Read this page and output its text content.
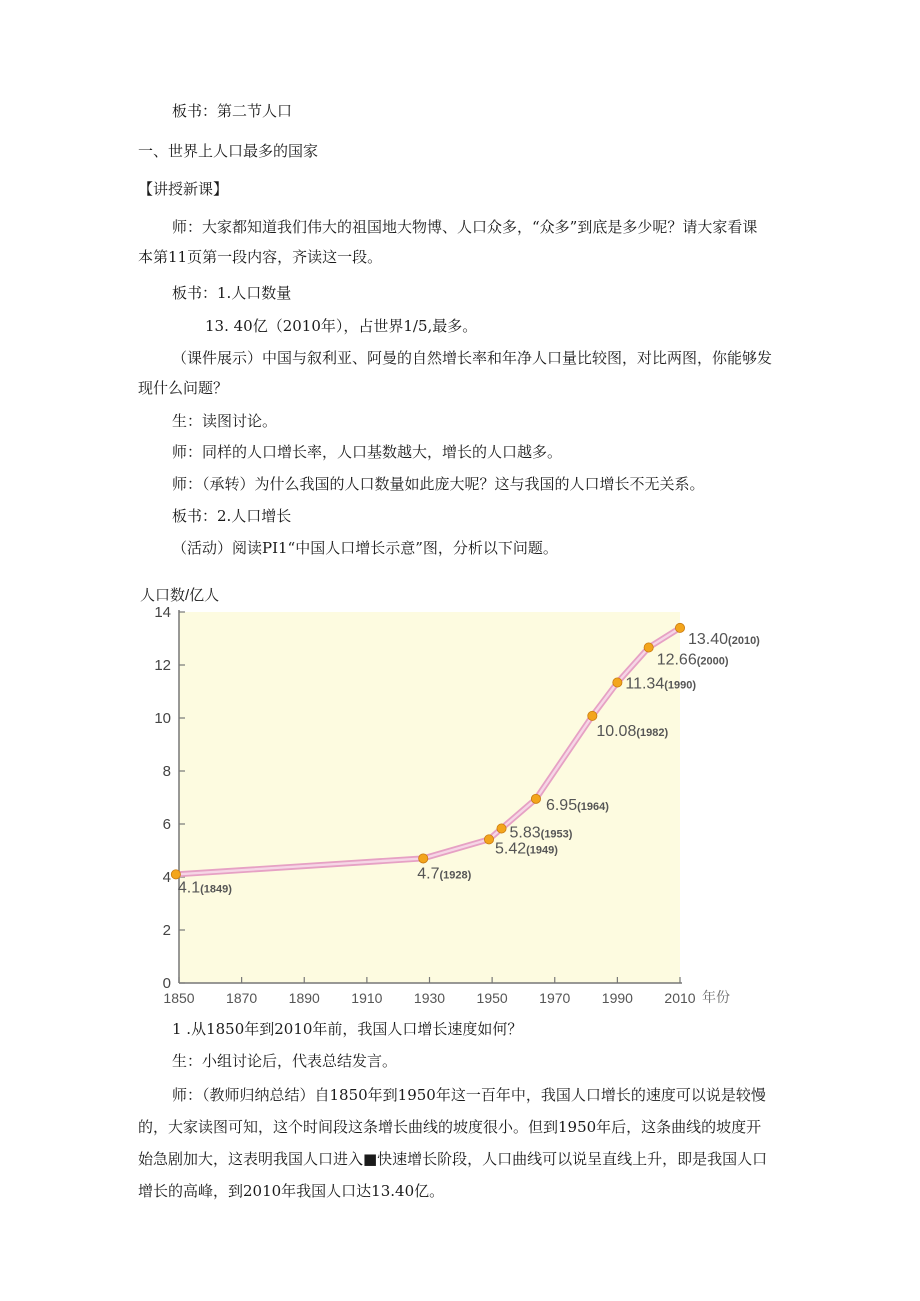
板书：第二节人口
一、世界上人口最多的国家
【讲授新课】
师：大家都知道我们伟大的祖国地大物博、人口众多，“众多”到底是多少呢？请大家看课
本第11页第一段内容，齐读这一段。
板书：1.人口数量
13. 40亿（2010年），占世界1/5,最多。
（课件展示）中国与叙利亚、阿曼的自然增长率和年净人口量比较图，对比两图，你能够发
现什么问题？
生：读图讨论。
师：同样的人口增长率，人口基数越大，增长的人口越多。
师：（承转）为什么我国的人口数量如此庞大呢？这与我国的人口增长不无关系。
板书：2.人口增长
（活动）阅读PI1“中国人口增长示意”图，分析以下问题。
0
2
4
6
8
10
12
14
1850 1870 1890 1910 1930 1950 1970 1990 2010
4.1(1849)
4.7(1928)
5.42(1949)
5.83(1953)
6.95(1964)
10.08(1982)
11.34(1990)
12.66(2000)
13.40(2010)
人口数/亿人
年份
1 .从1850年到2010年前，我国人口增长速度如何？
生：小组讨论后，代表总结发言。
师：（教师归纳总结）自1850年到1950年这一百年中，我国人口增长的速度可以说是较慢
的，大家读图可知，这个时间段这条增长曲线的坡度很小。但到1950年后，这条曲线的坡度开
始急剧加大，这表明我国人口进入■快速增长阶段，人口曲线可以说呈直线上升，即是我国人口
增长的高峰，到2010年我国人口达13.40亿。
